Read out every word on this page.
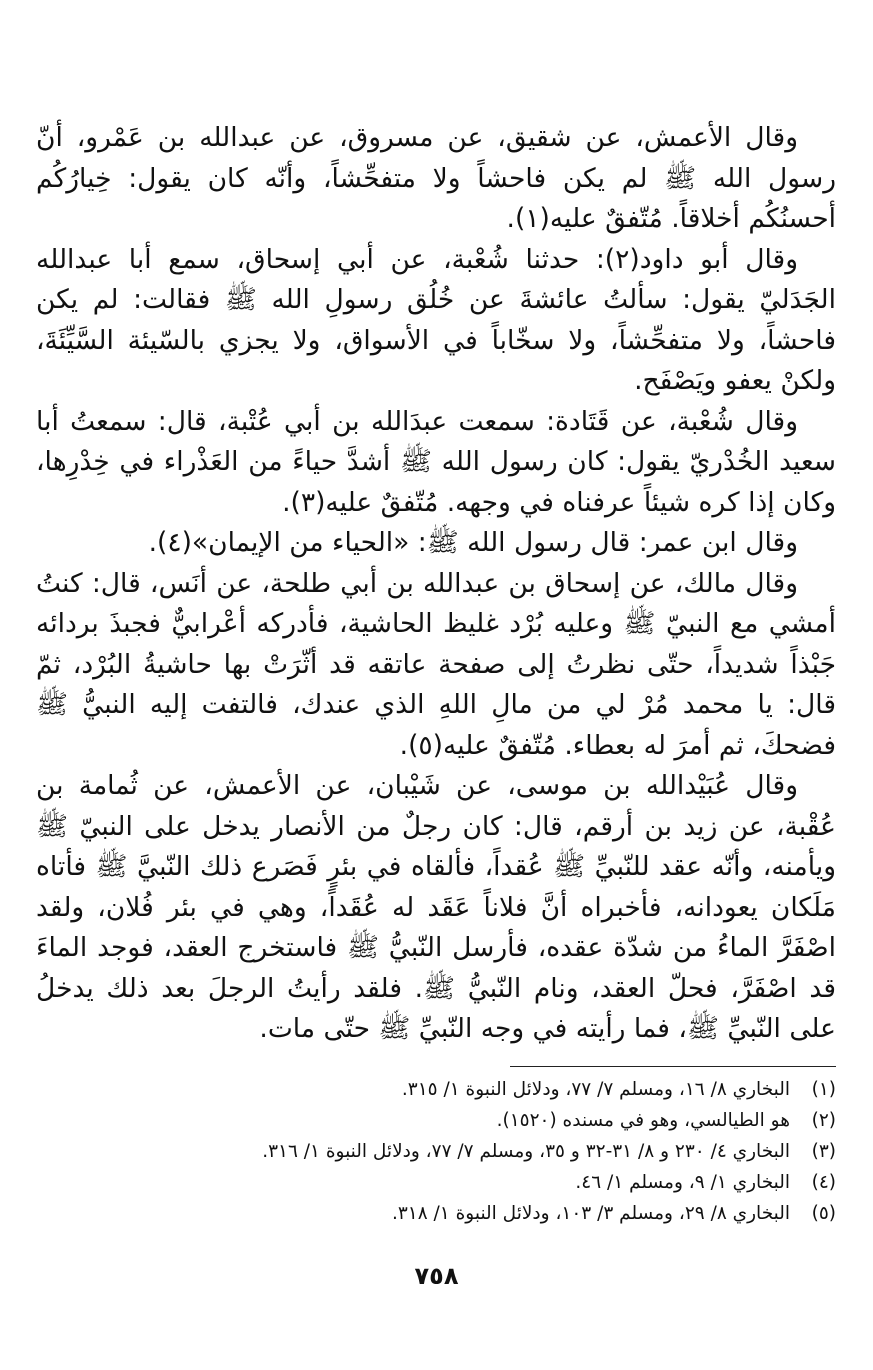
وقال الأعمش، عن شقيق، عن مسروق، عن عبدالله بن عَمْرو، أنّ رسول الله ﷺ لم يكن فاحشاً ولا متفحِّشاً، وأنّه كان يقول: خِيارُكُم أحسنُكُم أخلاقاً. مُتّفقٌ عليه(١).

وقال أبو داود(٢): حدثنا شُعْبة، عن أبي إسحاق، سمع أبا عبدالله الجَدَليّ يقول: سألتُ عائشةَ عن خُلُق رسولِ الله ﷺ فقالت: لم يكن فاحشاً، ولا متفحِّشاً، ولا سخّاباً في الأسواق، ولا يجزي بالسّيئة السَّيِّئَةَ، ولكنْ يعفو ويَصْفَح.

وقال شُعْبة، عن قَتَادة: سمعت عبدَالله بن أبي عُتْبة، قال: سمعتُ أبا سعيد الخُدْريّ يقول: كان رسول الله ﷺ أشدَّ حياءً من العَذْراء في خِدْرِها، وكان إذا كره شيئاً عرفناه في وجهه. مُتّفقٌ عليه(٣).

وقال ابن عمر: قال رسول الله ﷺ: «الحياء من الإيمان»(٤).

وقال مالك، عن إسحاق بن عبدالله بن أبي طلحة، عن أنَس، قال: كنتُ أمشي مع النبيّ ﷺ وعليه بُرْد غليظ الحاشية، فأدركه أعْرابيٌّ فجبذَ بردائه جَبْذاً شديداً، حتّى نظرتُ إلى صفحة عاتقه قد أثّرَتْ بها حاشيةُ البُرْد، ثمّ قال: يا محمد مُرْ لي من مالِ اللهِ الذي عندك، فالتفت إليه النبيُّ ﷺ فضحكَ، ثم أمرَ له بعطاء. مُتّفقٌ عليه(٥).

وقال عُبَيْدالله بن موسى، عن شَيْبان، عن الأعمش، عن ثُمامة بن عُقْبة، عن زيد بن أرقم، قال: كان رجلٌ من الأنصار يدخل على النبيّ ﷺ ويأمنه، وأنّه عقد للنّبيِّ ﷺ عُقداً، فألقاه في بئرٍ فَصَرع ذلك النّبيَّ ﷺ فأتاه مَلَكان يعودانه، فأخبراه أنَّ فلاناً عَقَد له عُقَداً، وهي في بئر فُلان، ولقد اصْفَرَّ الماءُ من شدّة عقده، فأرسل النّبيُّ ﷺ فاستخرج العقد، فوجد الماءَ قد اصْفَرَّ، فحلّ العقد، ونام النّبيُّ ﷺ. فلقد رأيتُ الرجلَ بعد ذلك يدخلُ على النّبيِّ ﷺ، فما رأيته في وجه النّبيِّ ﷺ حتّى مات.

(١)
البخاري ٨/ ١٦، ومسلم ٧/ ٧٧، ودلائل النبوة ١/ ٣١٥.
(٢)
هو الطيالسي، وهو في مسنده (١٥٢٠).
(٣)
البخاري ٤/ ٢٣٠ و ٨/ ٣١-٣٢ و ٣٥، ومسلم ٧/ ٧٧، ودلائل النبوة ١/ ٣١٦.
(٤)
البخاري ١/ ٩، ومسلم ١/ ٤٦.
(٥)
البخاري ٨/ ٢٩، ومسلم ٣/ ١٠٣، ودلائل النبوة ١/ ٣١٨.
٧٥٨
